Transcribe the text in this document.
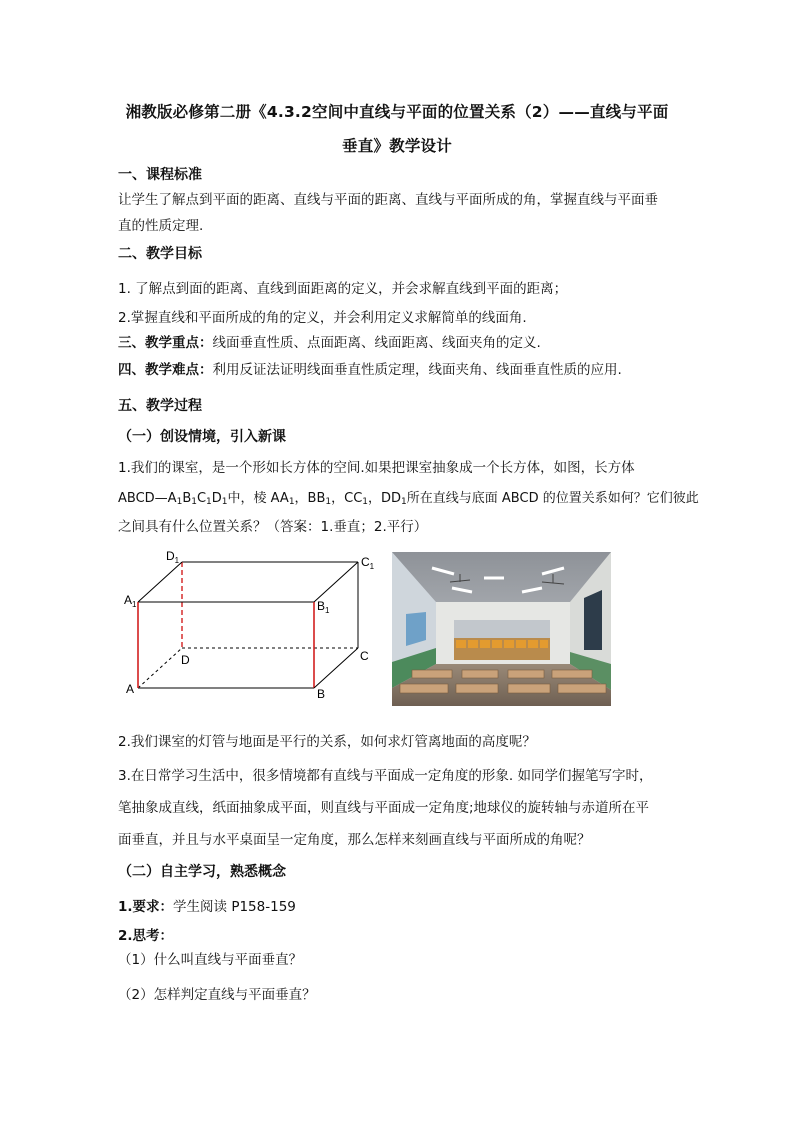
湘教版必修第二册《4.3.2空间中直线与平面的位置关系（2）——直线与平面
垂直》教学设计
一、课程标准
让学生了解点到平面的距离、直线与平面的距离、直线与平面所成的角，掌握直线与平面垂
直的性质定理.
二、教学目标
1. 了解点到面的距离、直线到面距离的定义，并会求解直线到平面的距离；
2.掌握直线和平面所成的角的定义，并会利用定义求解简单的线面角.
三、教学重点：线面垂直性质、点面距离、线面距离、线面夹角的定义.
四、教学难点：利用反证法证明线面垂直性质定理，线面夹角、线面垂直性质的应用.
五、教学过程
（一）创设情境，引入新课
1.我们的课室，是一个形如长方体的空间.如果把课室抽象成一个长方体，如图，长方体
$ABCD—A_1B_1C_1D_1$中，棱 $AA_1$，$BB_1$，$CC_1$，$DD_1$所在直线与底面 ABCD 的位置关系如何？它们彼此
之间具有什么位置关系？（答案：1.垂直；2.平行）
$D_1$	$C_1$
$A_1$	$B_1$
D	C
A	B
2.我们课室的灯管与地面是平行的关系，如何求灯管离地面的高度呢？
3.在日常学习生活中，很多情境都有直线与平面成一定角度的形象. 如同学们握笔写字时，
笔抽象成直线，纸面抽象成平面，则直线与平面成一定角度;地球仪的旋转轴与赤道所在平
面垂直，并且与水平桌面呈一定角度，那么怎样来刻画直线与平面所成的角呢？
（二）自主学习，熟悉概念
1.要求：学生阅读 P158-159
2.思考：
（1）什么叫直线与平面垂直？
（2）怎样判定直线与平面垂直？
